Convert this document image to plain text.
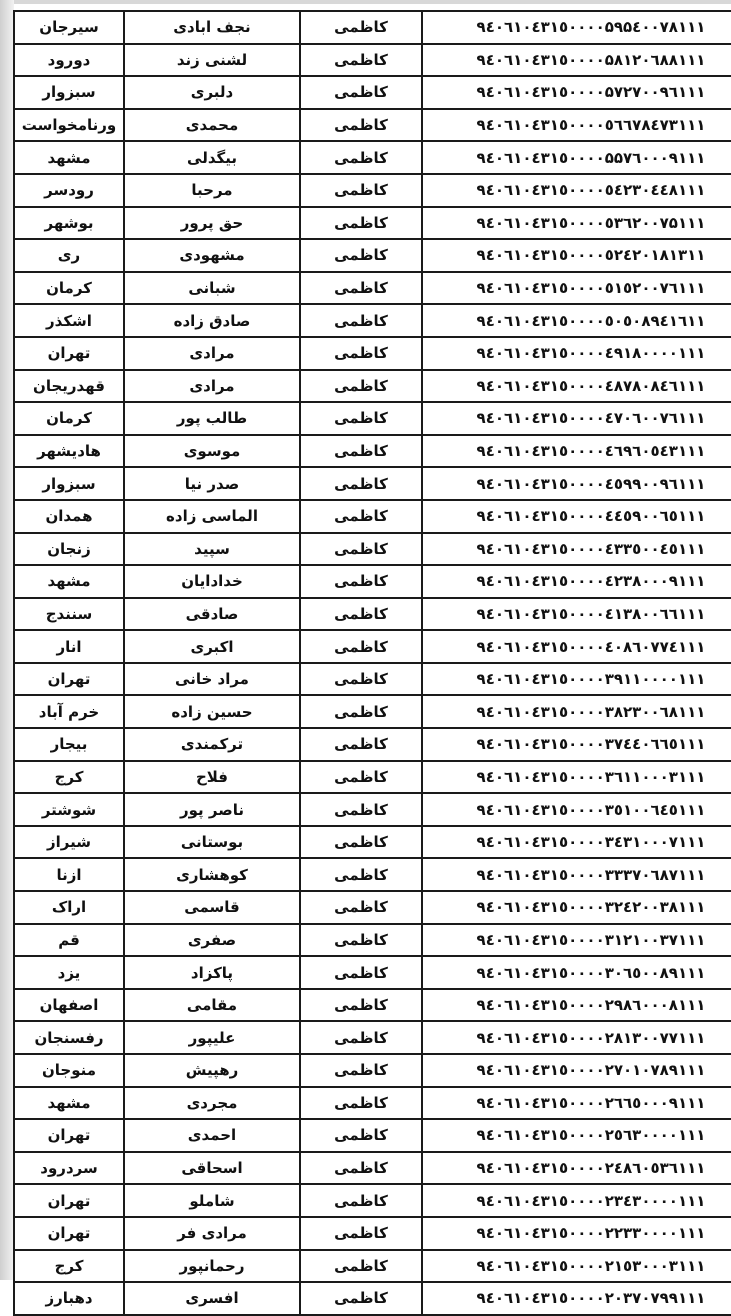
سیرجان	نجف ابادی	کاظمی	۹٤۰٦۱۰٤۳۱٥۰۰۰۰۵۹۵٤۰۰۷۸۱۱۱
دورود	لشنی زند	کاظمی	۹٤۰٦۱۰٤۳۱٥۰۰۰۰۵۸۱۲۰٦۸۸۱۱۱
سبزوار	دلبری	کاظمی	۹٤۰٦۱۰٤۳۱٥۰۰۰۰۵۷۲۷۰۰۹٦۱۱۱
ورنامخواست	محمدی	کاظمی	۹٤۰٦۱۰٤۳۱٥۰۰۰۰٥٦٦۷۸٤۷۳۱۱۱
مشهد	بیگدلی	کاظمی	۹٤۰٦۱۰٤۳۱٥۰۰۰۰۵۵۷٦۰۰۰۹۱۱۱
رودسر	مرحبا	کاظمی	۹٤۰٦۱۰٤۳۱٥۰۰۰۰٥٤۲۳۰٤٤۸۱۱۱
بوشهر	حق پرور	کاظمی	۹٤۰٦۱۰٤۳۱٥۰۰۰۰٥۳٦۲۰۰۷۵۱۱۱
ری	مشهودی	کاظمی	۹٤۰٦۱۰٤۳۱٥۰۰۰۰٥۲٤۲۰۱۸۱۳۱۱
کرمان	شبانی	کاظمی	۹٤۰٦۱۰٤۳۱٥۰۰۰۰٥۱٥۲۰۰۷٦۱۱۱
اشکذر	صادق زاده	کاظمی	۹٤۰٦۱۰٤۳۱٥۰۰۰۰٥۰٥۰۸۹٤۱٦۱۱
تهران	مرادی	کاظمی	۹٤۰٦۱۰٤۳۱٥۰۰۰۰٤۹۱۸۰۰۰۰۱۱۱
قهدریجان	مرادی	کاظمی	۹٤۰٦۱۰٤۳۱٥۰۰۰۰٤۸۷۸۰۸٤٦۱۱۱
کرمان	طالب پور	کاظمی	۹٤۰٦۱۰٤۳۱٥۰۰۰۰٤۷۰٦۰۰۷٦۱۱۱
هادیشهر	موسوی	کاظمی	۹٤۰٦۱۰٤۳۱٥۰۰۰۰٤٦۹٦۰٥٤۳۱۱۱
سبزوار	صدر نیا	کاظمی	۹٤۰٦۱۰٤۳۱٥۰۰۰۰٤٥۹۹۰۰۹٦۱۱۱
همدان	الماسی زاده	کاظمی	۹٤۰٦۱۰٤۳۱٥۰۰۰۰٤٤٥۹۰۰٦٥۱۱۱
زنجان	سپید	کاظمی	۹٤۰٦۱۰٤۳۱٥۰۰۰۰٤۳۳٥۰۰٤٥۱۱۱
مشهد	خدادایان	کاظمی	۹٤۰٦۱۰٤۳۱٥۰۰۰۰٤۲۳۸۰۰۰۹۱۱۱
سنندج	صادقی	کاظمی	۹٤۰٦۱۰٤۳۱٥۰۰۰۰٤۱۳۸۰۰٦٦۱۱۱
انار	اکبری	کاظمی	۹٤۰٦۱۰٤۳۱٥۰۰۰۰٤۰۸٦۰۷۷٤۱۱۱
تهران	مراد خانی	کاظمی	۹٤۰٦۱۰٤۳۱٥۰۰۰۰۳۹۱۱۰۰۰۰۱۱۱
خرم آباد	حسین زاده	کاظمی	۹٤۰٦۱۰٤۳۱٥۰۰۰۰۳۸۲۳۰۰٦۸۱۱۱
بیجار	ترکمندی	کاظمی	۹٤۰٦۱۰٤۳۱٥۰۰۰۰۳۷٤٤۰٦٦٥۱۱۱
کرج	فلاح	کاظمی	۹٤۰٦۱۰٤۳۱٥۰۰۰۰۳٦۱۱۰۰۰۳۱۱۱
شوشتر	ناصر پور	کاظمی	۹٤۰٦۱۰٤۳۱٥۰۰۰۰۳٥۱۰۰٦٤٥۱۱۱
شیراز	بوستانی	کاظمی	۹٤۰٦۱۰٤۳۱٥۰۰۰۰۳٤۳۱۰۰۰۷۱۱۱
ازنا	کوهشاری	کاظمی	۹٤۰٦۱۰٤۳۱٥۰۰۰۰۳۳۳۷۰٦۸۷۱۱۱
اراک	قاسمی	کاظمی	۹٤۰٦۱۰٤۳۱٥۰۰۰۰۳۲٤۲۰۰۳۸۱۱۱
قم	صفری	کاظمی	۹٤۰٦۱۰٤۳۱٥۰۰۰۰۳۱۲۱۰۰۳۷۱۱۱
یزد	پاکزاد	کاظمی	۹٤۰٦۱۰٤۳۱٥۰۰۰۰۳۰٦٥۰۰۸۹۱۱۱
اصفهان	مقامی	کاظمی	۹٤۰٦۱۰٤۳۱٥۰۰۰۰۲۹۸٦۰۰۰۸۱۱۱
رفسنجان	علیپور	کاظمی	۹٤۰٦۱۰٤۳۱٥۰۰۰۰۲۸۱۳۰۰۷۷۱۱۱
منوجان	رهپیش	کاظمی	۹٤۰٦۱۰٤۳۱٥۰۰۰۰۲۷۰۱۰۷۸۹۱۱۱
مشهد	مجردی	کاظمی	۹٤۰٦۱۰٤۳۱٥۰۰۰۰۲٦٦٥۰۰۰۹۱۱۱
تهران	احمدی	کاظمی	۹٤۰٦۱۰٤۳۱٥۰۰۰۰۲٥٦۳۰۰۰۰۱۱۱
سردرود	اسحاقی	کاظمی	۹٤۰٦۱۰٤۳۱٥۰۰۰۰۲٤۸٦۰٥۳٦۱۱۱
تهران	شاملو	کاظمی	۹٤۰٦۱۰٤۳۱٥۰۰۰۰۲۳٤۳۰۰۰۰۱۱۱
تهران	مرادی فر	کاظمی	۹٤۰٦۱۰٤۳۱٥۰۰۰۰۲۲۳۳۰۰۰۰۱۱۱
کرج	رحمانپور	کاظمی	۹٤۰٦۱۰٤۳۱٥۰۰۰۰۲۱٥۳۰۰۰۳۱۱۱
دهبارز	افسری	کاظمی	۹٤۰٦۱۰٤۳۱٥۰۰۰۰۲۰۳۷۰۷۹۹۱۱۱
